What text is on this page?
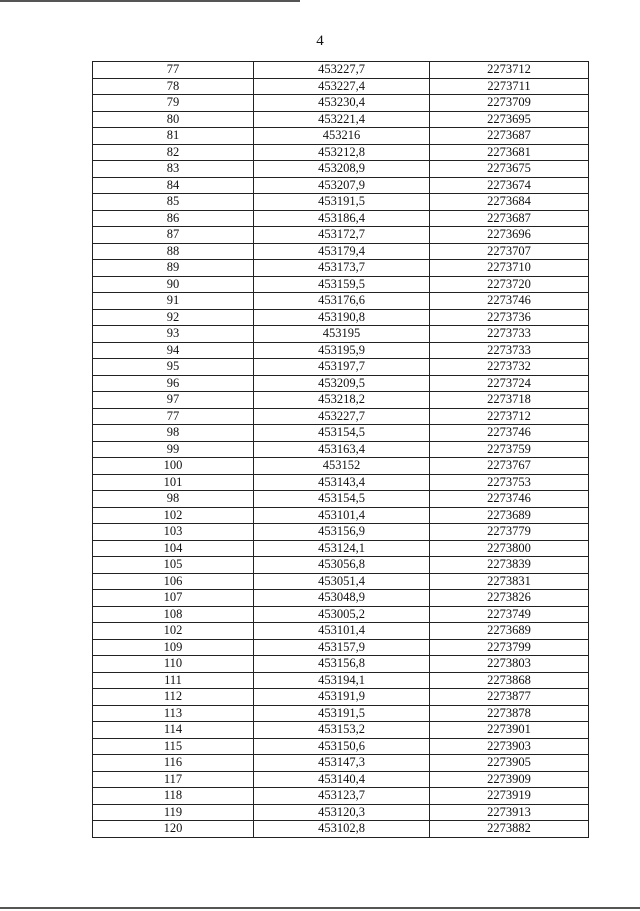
4
77	453227,7	2273712
78	453227,4	2273711
79	453230,4	2273709
80	453221,4	2273695
81	453216	2273687
82	453212,8	2273681
83	453208,9	2273675
84	453207,9	2273674
85	453191,5	2273684
86	453186,4	2273687
87	453172,7	2273696
88	453179,4	2273707
89	453173,7	2273710
90	453159,5	2273720
91	453176,6	2273746
92	453190,8	2273736
93	453195	2273733
94	453195,9	2273733
95	453197,7	2273732
96	453209,5	2273724
97	453218,2	2273718
77	453227,7	2273712
98	453154,5	2273746
99	453163,4	2273759
100	453152	2273767
101	453143,4	2273753
98	453154,5	2273746
102	453101,4	2273689
103	453156,9	2273779
104	453124,1	2273800
105	453056,8	2273839
106	453051,4	2273831
107	453048,9	2273826
108	453005,2	2273749
102	453101,4	2273689
109	453157,9	2273799
110	453156,8	2273803
111	453194,1	2273868
112	453191,9	2273877
113	453191,5	2273878
114	453153,2	2273901
115	453150,6	2273903
116	453147,3	2273905
117	453140,4	2273909
118	453123,7	2273919
119	453120,3	2273913
120	453102,8	2273882
